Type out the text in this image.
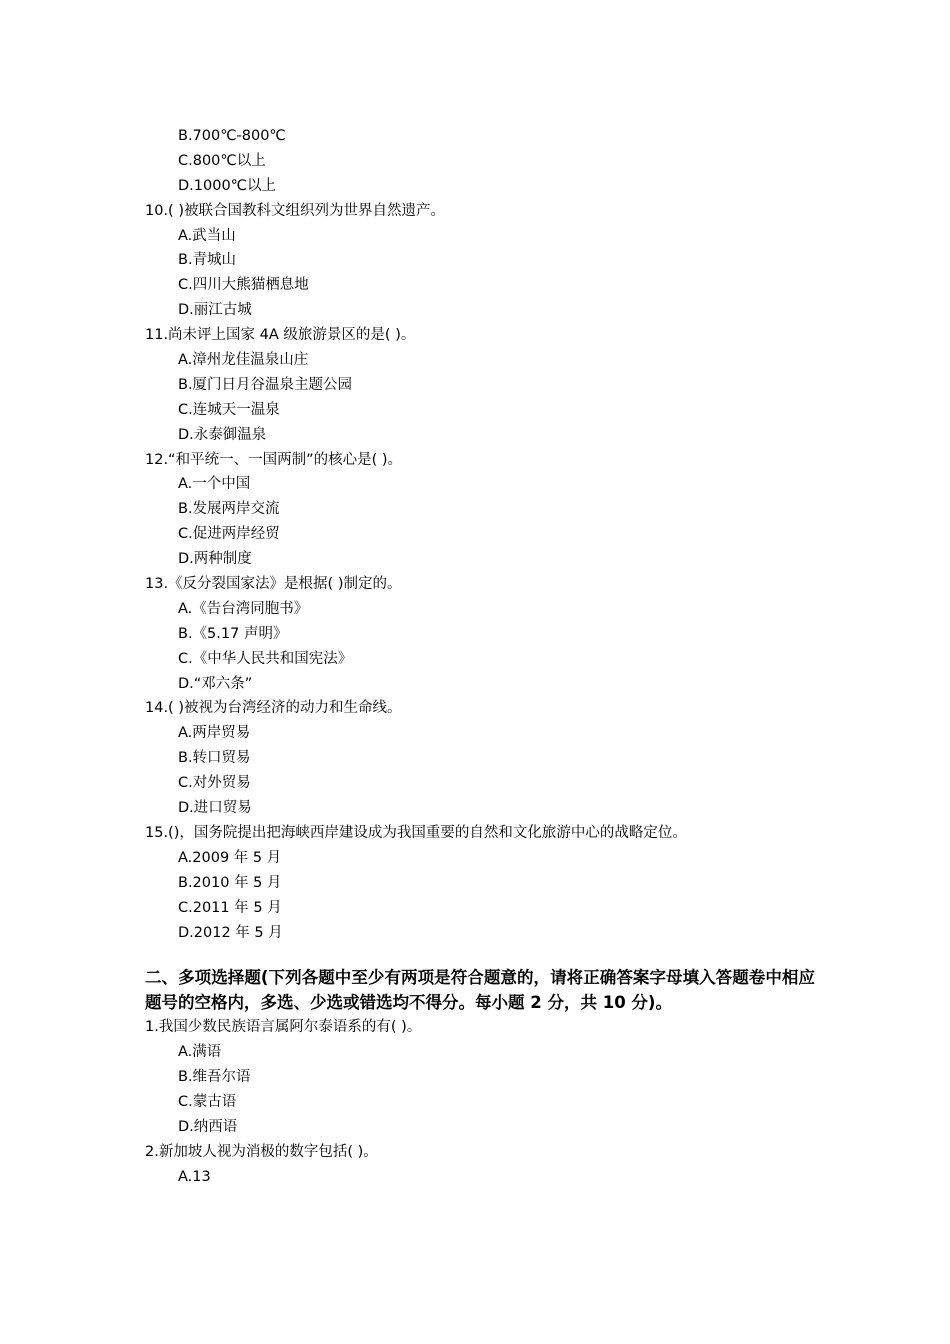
B.700℃-800℃
C.800℃以上
D.1000℃以上
10.( )被联合国教科文组织列为世界自然遗产。
A.武当山
B.青城山
C.四川大熊猫栖息地
D.丽江古城
11.尚未评上国家 4A 级旅游景区的是( )。
A.漳州龙佳温泉山庄
B.厦门日月谷温泉主题公园
C.连城天一温泉
D.永泰御温泉
12.“和平统一、一国两制”的核心是( )。
A.一个中国
B.发展两岸交流
C.促进两岸经贸
D.两种制度
13.《反分裂国家法》是根据( )制定的。
A.《告台湾同胞书》
B.《5.17 声明》
C.《中华人民共和国宪法》
D.“邓六条”
14.( )被视为台湾经济的动力和生命线。
A.两岸贸易
B.转口贸易
C.对外贸易
D.进口贸易
15.()，国务院提出把海峡西岸建设成为我国重要的自然和文化旅游中心的战略定位。
A.2009 年 5 月
B.2010 年 5 月
C.2011 年 5 月
D.2012 年 5 月
二、多项选择题(下列各题中至少有两项是符合题意的，请将正确答案字母填入答题卷中相应题号的空格内，多选、少选或错选均不得分。每小题 2 分，共 10 分)。
1.我国少数民族语言属阿尔泰语系的有( )。
A.满语
B.维吾尔语
C.蒙古语
D.纳西语
2.新加坡人视为消极的数字包括( )。
A.13
